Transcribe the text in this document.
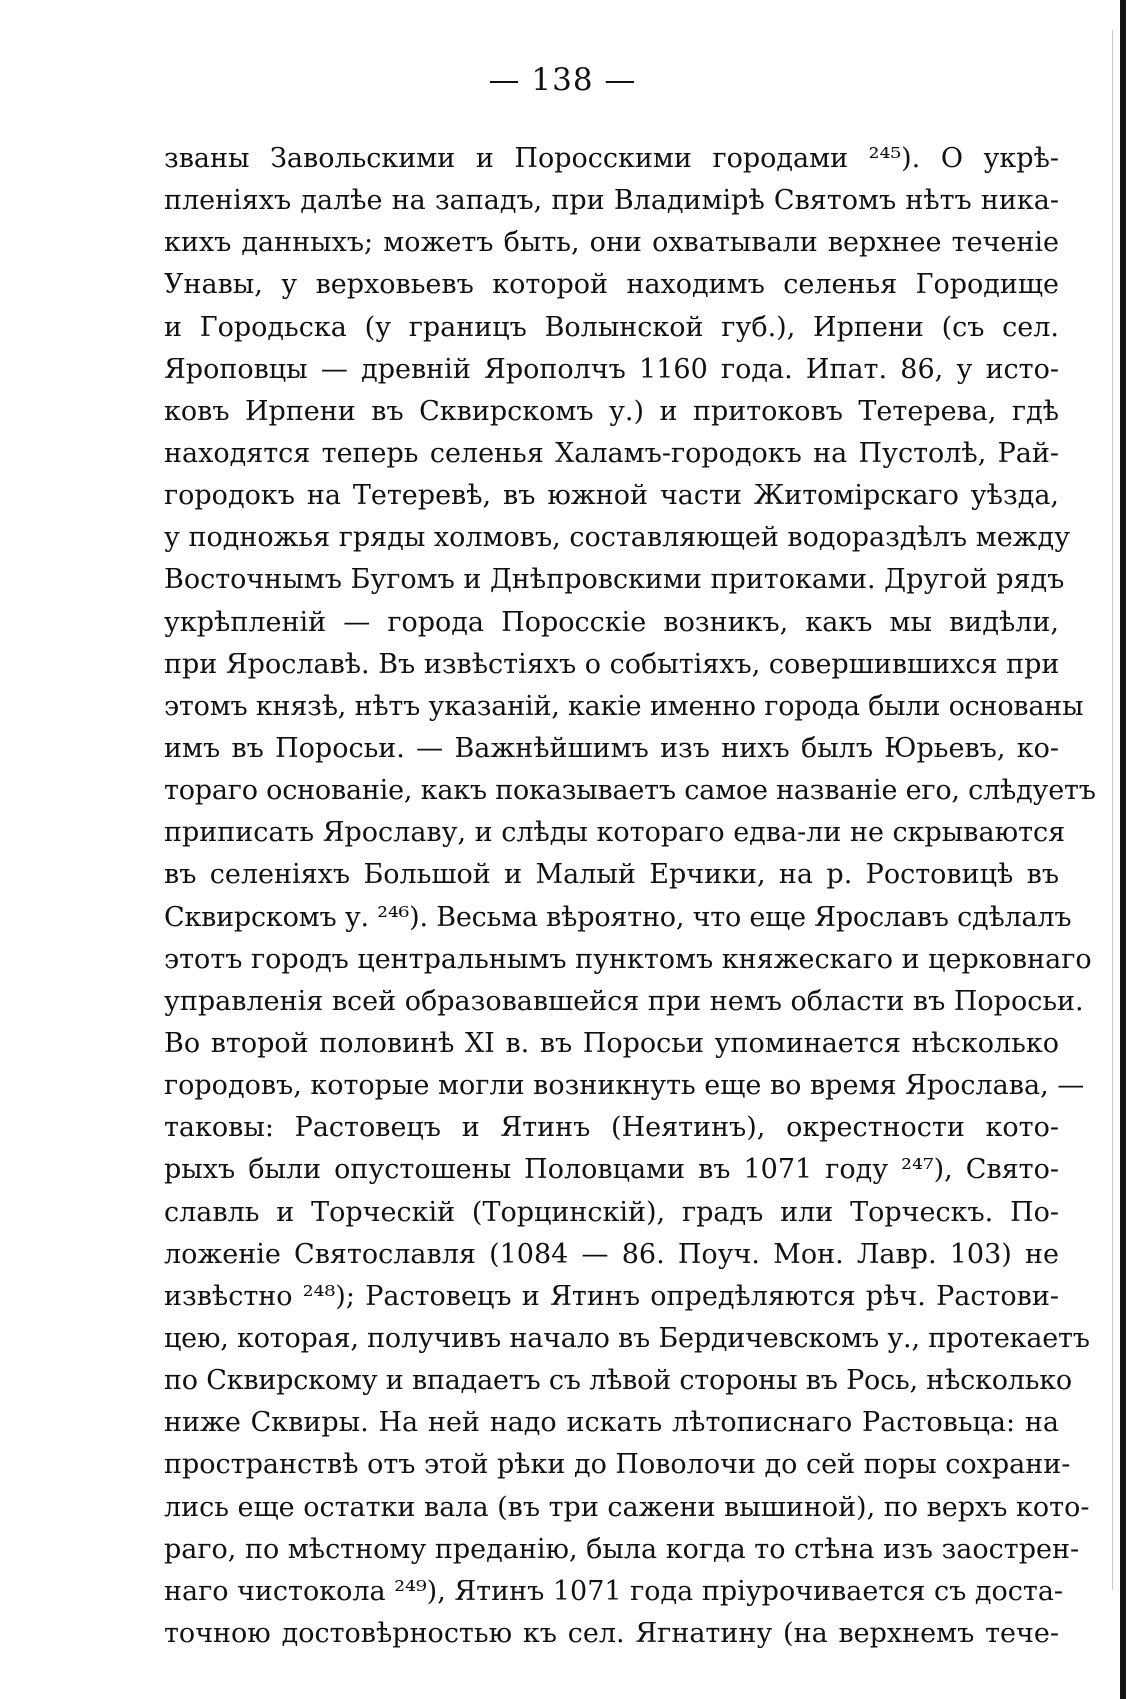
— 138 —
званы Завольскими и Поросскими городами ²⁴⁵). О укрѣ-
пленіяхъ далѣе на западъ, при Владимірѣ Святомъ нѣтъ никa-
кихъ данныхъ; можетъ быть, они охватывали верхнее теченіе
Унавы, у верховьевъ которой находимъ селенья Городище
и Городьска (у границъ Волынской губ.), Ирпени (съ сел.
Яроповцы — древній Ярополчъ 1160 года. Ипат. 86, у исто-
ковъ Ирпени въ Сквирскомъ у.) и притоковъ Тетерева, гдѣ
находятся теперь селенья Халамъ-городокъ на Пустолѣ, Рай-
городокъ на Тетеревѣ, въ южной части Житомірскаго уѣзда,
у подножья гряды холмовъ, составляющей водораздѣлъ между
Восточнымъ Бугомъ и Днѣпровскими притоками. Другой рядъ
укрѣпленій — города Поросскіе возникъ, какъ мы видѣли,
при Ярославѣ. Въ извѣстіяхъ о событіяхъ, совершившихся при
этомъ князѣ, нѣтъ указаній, какіе именно города были основаны
имъ въ Поросьи. — Важнѣйшимъ изъ нихъ былъ Юрьевъ, ко-
тораго основаніе, какъ показываетъ самое названіе его, слѣдуетъ
приписать Ярославу, и слѣды котораго едва-ли не скрываются
въ селеніяхъ Большой и Малый Ерчики, на р. Ростовицѣ въ
Сквирскомъ у. ²⁴⁶). Весьма вѣроятно, что еще Ярославъ сдѣлалъ
этотъ городъ центральнымъ пунктомъ княжескаго и церковнаго
управленія всей образовавшейся при немъ области въ Поросьи.
Во второй половинѣ XI в. въ Поросьи упоминается нѣсколько
городовъ, которые могли возникнуть еще во время Ярослава, —
таковы: Растовецъ и Ятинъ (Неятинъ), окрестности кото-
рыхъ были опустошены Половцами въ 1071 году ²⁴⁷), Свято-
славль и Торческій (Торцинскій), градъ или Торческъ. По-
ложеніе Святославля (1084 — 86. Поуч. Мон. Лавр. 103) не
извѣстно ²⁴⁸); Растовецъ и Ятинъ опредѣляются рѣч. Растови-
цею, которая, получивъ начало въ Бердичевскомъ у., протекаетъ
по Сквирскому и впадаетъ съ лѣвой стороны въ Рось, нѣсколько
ниже Сквиры. На ней надо искать лѣтописнаго Растовьца: на
пространствѣ отъ этой рѣки до Поволочи до сей поры сохрани-
лись еще остатки вала (въ три сажени вышиной), по верхъ кото-
раго, по мѣстному преданію, была когда то стѣна изъ заострен-
наго чистокола ²⁴⁹), Ятинъ 1071 года пріурочивается съ доста-
точною достовѣрностью къ сел. Ягнатину (на верхнемъ тече-
